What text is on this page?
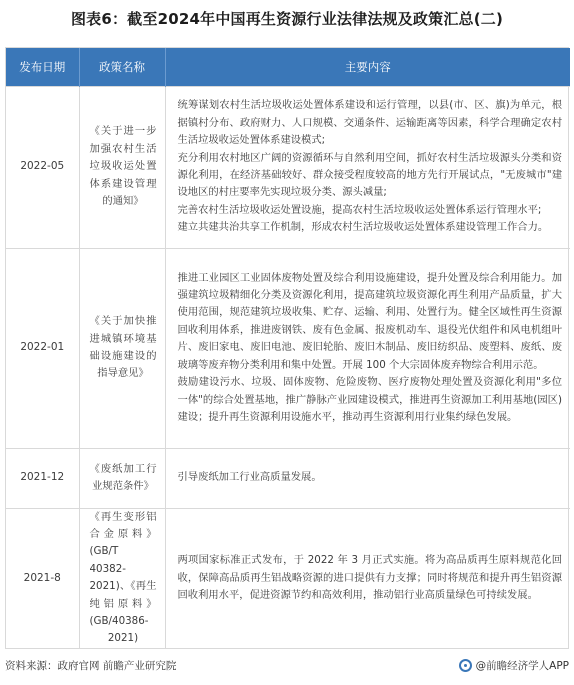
图表6：截至2024年中国再生资源行业法律法规及政策汇总(二)
发布日期	政策名称	主要内容
2022-05	《关于进一步加强农村生活垃圾收运处置体系建设管理的通知》	统筹谋划农村生活垃圾收运处置体系建设和运行管理，以县(市、区、旗)为单元，根据镇村分布、政府财力、人口规模、交通条件、运输距离等因素，科学合理确定农村生活垃圾收运处置体系建设模式;

充分利用农村地区广阔的资源循环与自然利用空间，抓好农村生活垃圾源头分类和资源化利用，在经济基础较好、群众接受程度较高的地方先行开展试点，"无废城市"建设地区的村庄要率先实现垃圾分类、源头减量;

完善农村生活垃圾收运处置设施，提高农村生活垃圾收运处置体系运行管理水平;

建立共建共治共享工作机制，形成农村生活垃圾收运处置体系建设管理工作合力。

2022-01	《关于加快推进城镇环境基础设施建设的指导意见》	推进工业园区工业固体废物处置及综合利用设施建设，提升处置及综合利用能力。加强建筑垃圾精细化分类及资源化利用，提高建筑垃圾资源化再生利用产品质量，扩大使用范围，规范建筑垃圾收集、贮存、运输、利用、处置行为。健全区域性再生资源回收利用体系，推进废钢铁、废有色金属、报废机动车、退役光伏组件和风电机组叶片、废旧家电、废旧电池、废旧轮胎、废旧木制品、废旧纺织品、废塑料、废纸、废玻璃等废弃物分类利用和集中处置。开展 100 个大宗固体废弃物综合利用示范。

鼓励建设污水、垃圾、固体废物、危险废物、医疗废物处理处置及资源化利用"多位一体"的综合处置基地，推广静脉产业园建设模式，推进再生资源加工利用基地(园区)建设；提升再生资源利用设施水平，推动再生资源利用行业集约绿色发展。

2021-12	《废纸加工行业规范条件》	引导废纸加工行业高质量发展。

2021-8	《再生变形铝合金原料》(GB/T 40382-2021)、《再生纯铝原料》(GB/40386-2021)	两项国家标准正式发布，于 2022 年 3 月正式实施。将为高品质再生原料规范化回收，保障高品质再生铝战略资源的进口提供有力支撑；同时将规范和提升再生铝资源回收利用水平，促进资源节约和高效利用，推动铝行业高质量绿色可持续发展。

资料来源：政府官网 前瞻产业研究院	@前瞻经济学人APP
